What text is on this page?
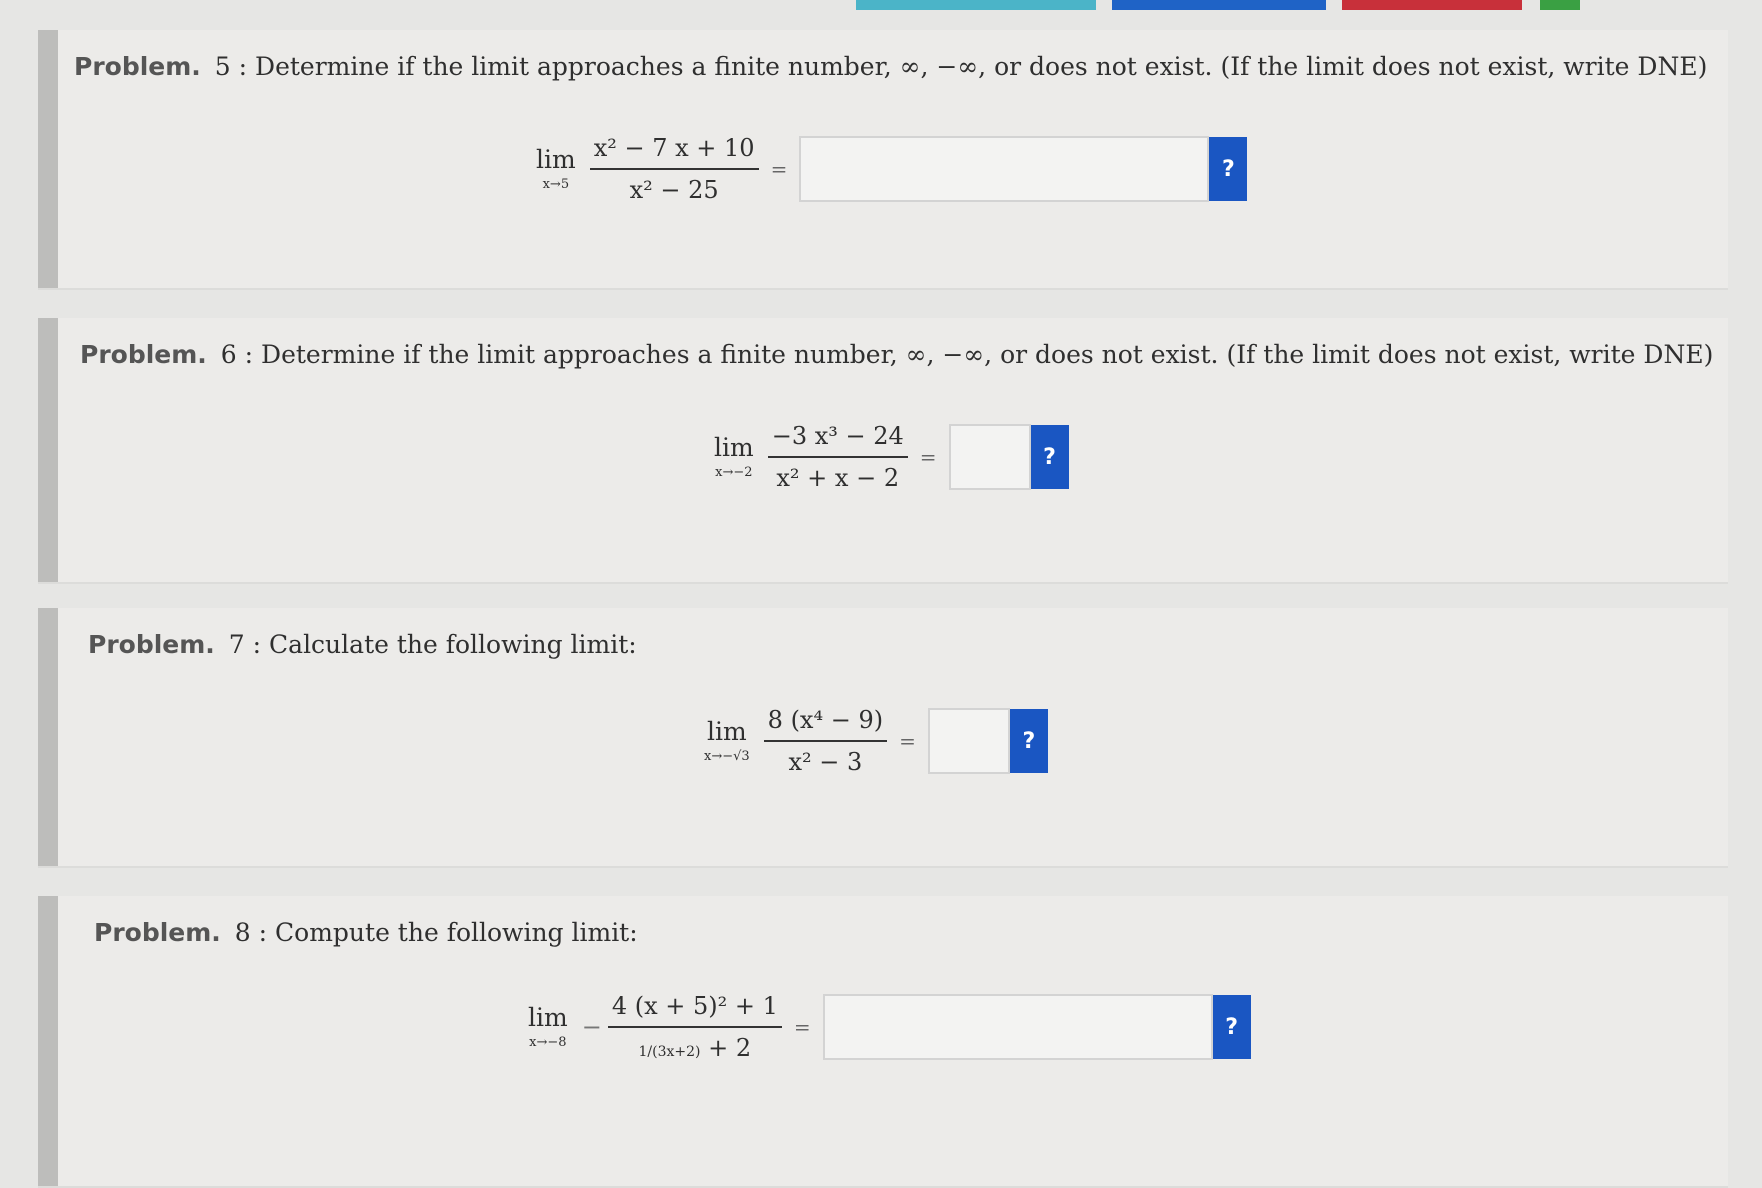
Problem. 5 : Determine if the limit approaches a finite number, ∞, −∞, or does not exist. (If the limit does not exist, write DNE)
lim
$x\to 5 \frac{\text{x² − 7 x + 10}}{\text{x² − 25}}$ =	?
Problem. 6 : Determine if the limit approaches a finite number, ∞, −∞, or does not exist. (If the limit does not exist, write DNE)
lim
$x\to-2 \frac{\text{−3 x³ − 24}}{\text{x² + x − 2}}$ =	?
Problem. 7 : Calculate the following limit:
lim
$x\to-√3 \frac{\text{8 (x⁴ − 9)}}{\text{x² − 3}}$ =	?
Problem. 8 : Compute the following limit:
lim
x→−8
− $\frac{\text{4 (x + 5)² + 1}}{1/(3x+2) + 2}$ =	?
